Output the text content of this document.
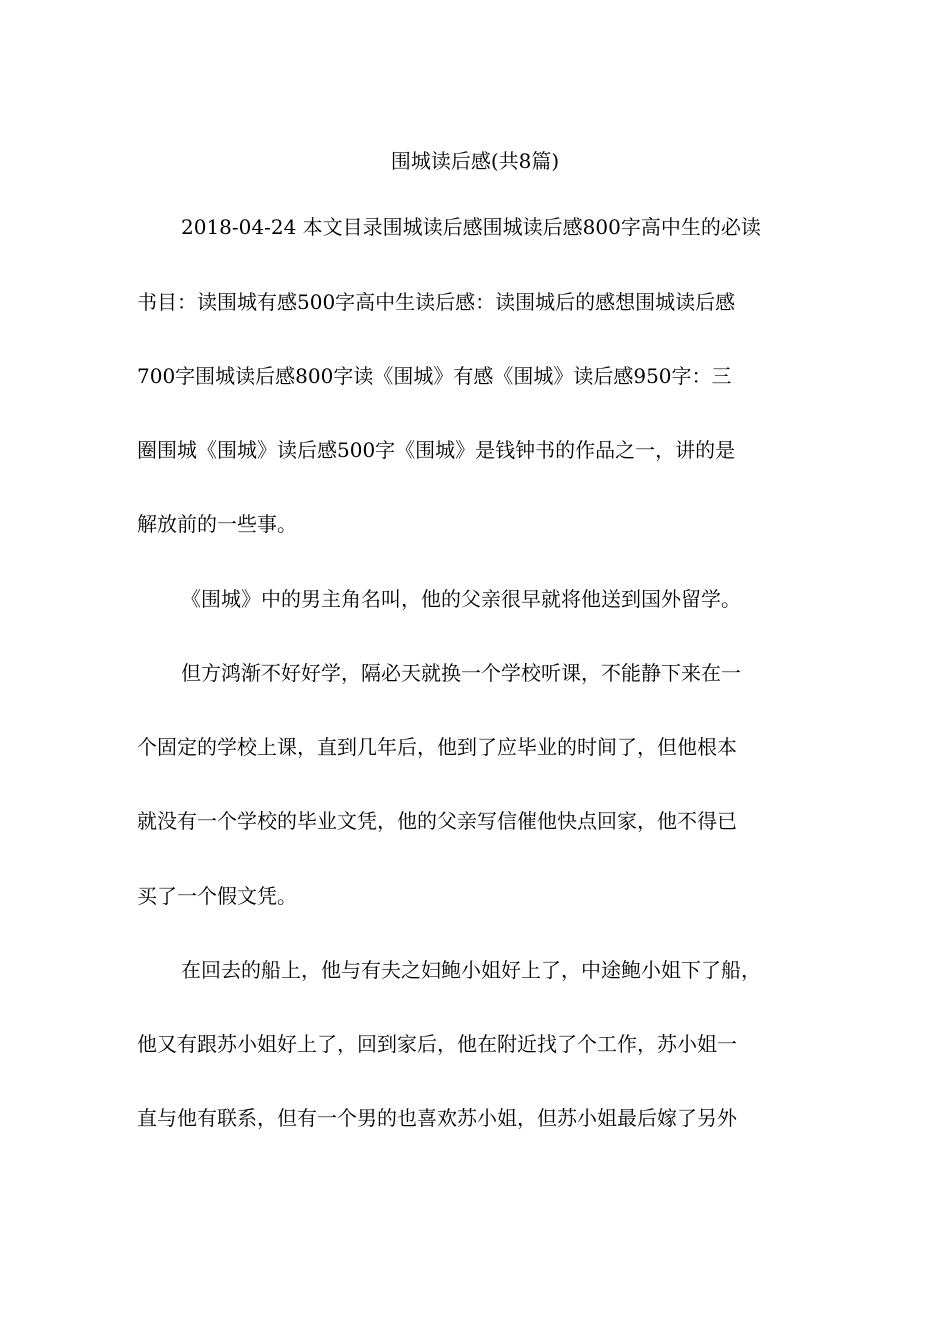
围城读后感(共8篇)
2018-04-24 本文目录围城读后感围城读后感800字高中生的必读
书目：读围城有感500字高中生读后感：读围城后的感想围城读后感
700字围城读后感800字读《围城》有感《围城》读后感950字：三
圈围城《围城》读后感500字《围城》是钱钟书的作品之一，讲的是
解放前的一些事。
《围城》中的男主角名叫，他的父亲很早就将他送到国外留学。
但方鸿渐不好好学，隔必天就换一个学校听课，不能静下来在一
个固定的学校上课，直到几年后，他到了应毕业的时间了，但他根本
就没有一个学校的毕业文凭，他的父亲写信催他快点回家，他不得已
买了一个假文凭。
在回去的船上，他与有夫之妇鲍小姐好上了，中途鲍小姐下了船，
他又有跟苏小姐好上了，回到家后，他在附近找了个工作，苏小姐一
直与他有联系，但有一个男的也喜欢苏小姐，但苏小姐最后嫁了另外
